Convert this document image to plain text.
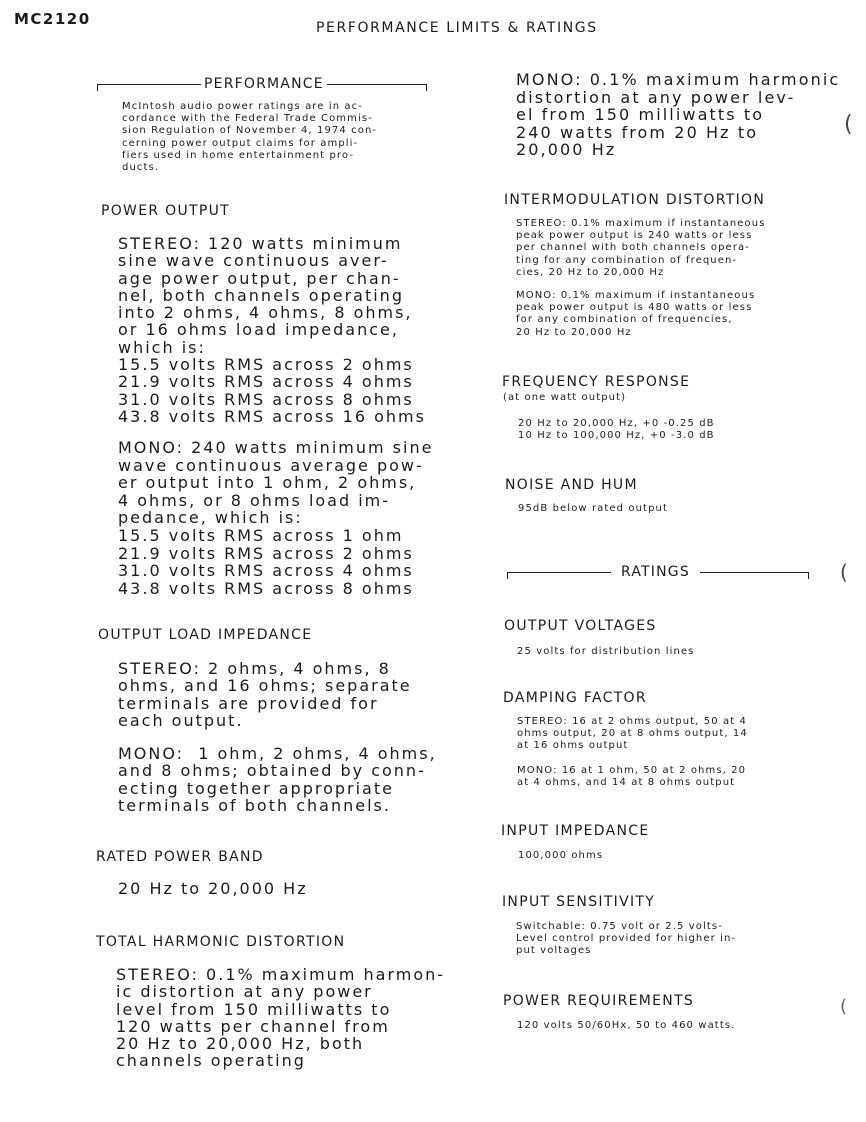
MC2120	PERFORMANCE LIMITS & RATINGS
PERFORMANCE
McIntosh audio power ratings are in ac-
cordance with the Federal Trade Commis-
sion Regulation of November 4, 1974 con-
cerning power output claims for ampli-
fiers used in home entertainment pro-
ducts.
POWER OUTPUT
STEREO: 120 watts minimum
sine wave continuous aver-
age power output, per chan-
nel, both channels operating
into 2 ohms, 4 ohms, 8 ohms,
or 16 ohms load impedance,
which is:
15.5 volts RMS across 2 ohms
21.9 volts RMS across 4 ohms
31.0 volts RMS across 8 ohms
43.8 volts RMS across 16 ohms
MONO: 240 watts minimum sine
wave continuous average pow-
er output into 1 ohm, 2 ohms,
4 ohms, or 8 ohms load im-
pedance, which is:
15.5 volts RMS across 1 ohm
21.9 volts RMS across 2 ohms
31.0 volts RMS across 4 ohms
43.8 volts RMS across 8 ohms
OUTPUT LOAD IMPEDANCE
STEREO: 2 ohms, 4 ohms, 8
ohms, and 16 ohms; separate
terminals are provided for
each output.
MONO:  1 ohm, 2 ohms, 4 ohms,
and 8 ohms; obtained by conn-
ecting together appropriate
terminals of both channels.
RATED POWER BAND
20 Hz to 20,000 Hz
TOTAL HARMONIC DISTORTION
STEREO: 0.1% maximum harmon-
ic distortion at any power
level from 150 milliwatts to
120 watts per channel from
20 Hz to 20,000 Hz, both
channels operating
MONO: 0.1% maximum harmonic
distortion at any power lev-
el from 150 milliwatts to
240 watts from 20 Hz to
20,000 Hz
INTERMODULATION DISTORTION
STEREO: 0.1% maximum if instantaneous
peak power output is 240 watts or less
per channel with both channels opera-
ting for any combination of frequen-
cies, 20 Hz to 20,000 Hz
MONO: 0.1% maximum if instantaneous
peak power output is 480 watts or less
for any combination of frequencies,
20 Hz to 20,000 Hz
FREQUENCY RESPONSE
(at one watt output)
20 Hz to 20,000 Hz, +0 -0.25 dB
10 Hz to 100,000 Hz, +0 -3.0 dB
NOISE AND HUM
95dB below rated output
RATINGS
OUTPUT VOLTAGES
25 volts for distribution lines
DAMPING FACTOR
STEREO: 16 at 2 ohms output, 50 at 4
ohms output, 20 at 8 ohms output, 14
at 16 ohms output
MONO: 16 at 1 ohm, 50 at 2 ohms, 20
at 4 ohms, and 14 at 8 ohms output
INPUT IMPEDANCE
100,000 ohms
INPUT SENSITIVITY
Switchable: 0.75 volt or 2.5 volts-
Level control provided for higher in-
put voltages
POWER REQUIREMENTS
120 volts 50/60Hx, 50 to 460 watts.
(
(
(
